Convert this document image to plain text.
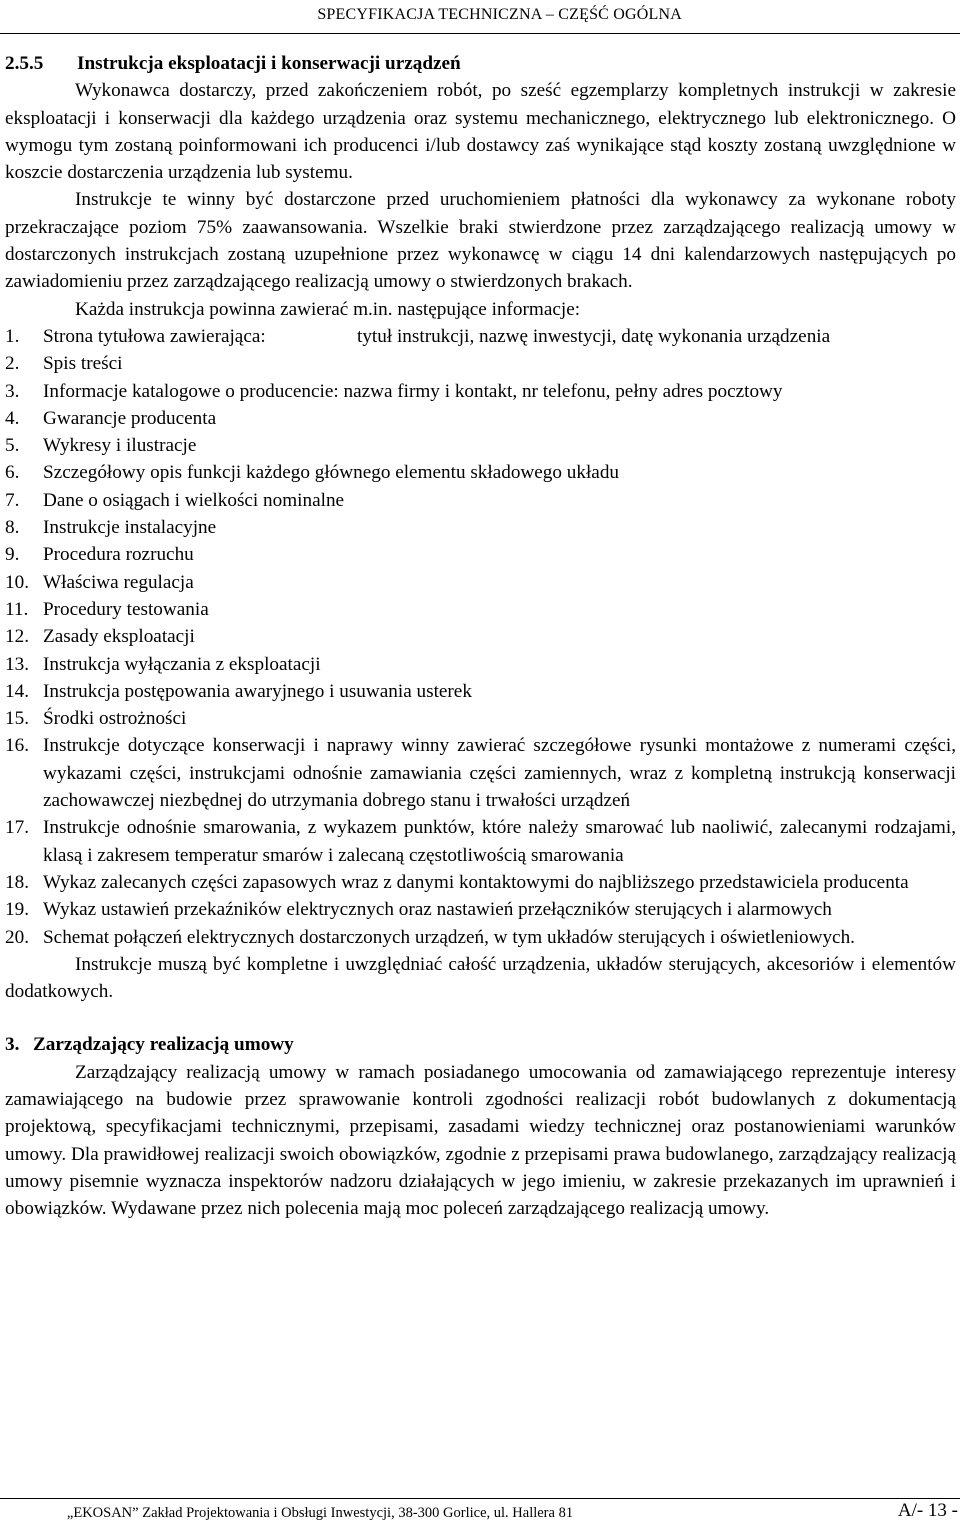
SPECYFIKACJA TECHNICZNA – CZĘŚĆ OGÓLNA
2.5.5 Instrukcja eksploatacji i konserwacji urządzeń

Wykonawca dostarczy, przed zakończeniem robót, po sześć egzemplarzy kompletnych instrukcji w zakresie eksploatacji i konserwacji dla każdego urządzenia oraz systemu mechanicznego, elektrycznego lub elektronicznego. O wymogu tym zostaną poinformowani ich producenci i/lub dostawcy zaś wynikające stąd koszty zostaną uwzględnione w koszcie dostarczenia urządzenia lub systemu.

Instrukcje te winny być dostarczone przed uruchomieniem płatności dla wykonawcy za wykonane roboty przekraczające poziom 75% zaawansowania. Wszelkie braki stwierdzone przez zarządzającego realizacją umowy w dostarczonych instrukcjach zostaną uzupełnione przez wykonawcę w ciągu 14 dni kalendarzowych następujących po zawiadomieniu przez zarządzającego realizacją umowy o stwierdzonych brakach.

Każda instrukcja powinna zawierać m.in. następujące informacje:

1. Strona tytułowa zawierająca:	tytuł instrukcji, nazwę inwestycji, datę wykonania urządzenia
2. Spis treści
3. Informacje katalogowe o producencie: nazwa firmy i kontakt, nr telefonu, pełny adres pocztowy
4. Gwarancje producenta
5. Wykresy i ilustracje
6. Szczegółowy opis funkcji każdego głównego elementu składowego układu
7. Dane o osiągach i wielkości nominalne
8. Instrukcje instalacyjne
9. Procedura rozruchu
10. Właściwa regulacja
11. Procedury testowania
12. Zasady eksploatacji
13. Instrukcja wyłączania z eksploatacji
14. Instrukcja postępowania awaryjnego i usuwania usterek
15. Środki ostrożności
16. Instrukcje dotyczące konserwacji i naprawy winny zawierać szczegółowe rysunki montażowe z numerami części, wykazami części, instrukcjami odnośnie zamawiania części zamiennych, wraz z kompletną instrukcją konserwacji zachowawczej niezbędnej do utrzymania dobrego stanu i trwałości urządzeń
17. Instrukcje odnośnie smarowania, z wykazem punktów, które należy smarować lub naoliwić, zalecanymi rodzajami, klasą i zakresem temperatur smarów i zalecaną częstotliwością smarowania
18. Wykaz zalecanych części zapasowych wraz z danymi kontaktowymi do najbliższego przedstawiciela producenta
19. Wykaz ustawień przekaźników elektrycznych oraz nastawień przełączników sterujących i alarmowych
20. Schemat połączeń elektrycznych dostarczonych urządzeń, w tym układów sterujących i oświetleniowych.

Instrukcje muszą być kompletne i uwzględniać całość urządzenia, układów sterujących, akcesoriów i elementów dodatkowych.

3. Zarządzający realizacją umowy

Zarządzający realizacją umowy w ramach posiadanego umocowania od zamawiającego reprezentuje interesy zamawiającego na budowie przez sprawowanie kontroli zgodności realizacji robót budowlanych z dokumentacją projektową, specyfikacjami technicznymi, przepisami, zasadami wiedzy technicznej oraz postanowieniami warunków umowy. Dla prawidłowej realizacji swoich obowiązków, zgodnie z przepisami prawa budowlanego, zarządzający realizacją umowy pisemnie wyznacza inspektorów nadzoru działających w jego imieniu, w zakresie przekazanych im uprawnień i obowiązków. Wydawane przez nich polecenia mają moc poleceń zarządzającego realizacją umowy.

„EKOSAN” Zakład Projektowania i Obsługi Inwestycji, 38-300 Gorlice, ul. Hallera 81	A/- 13 -
